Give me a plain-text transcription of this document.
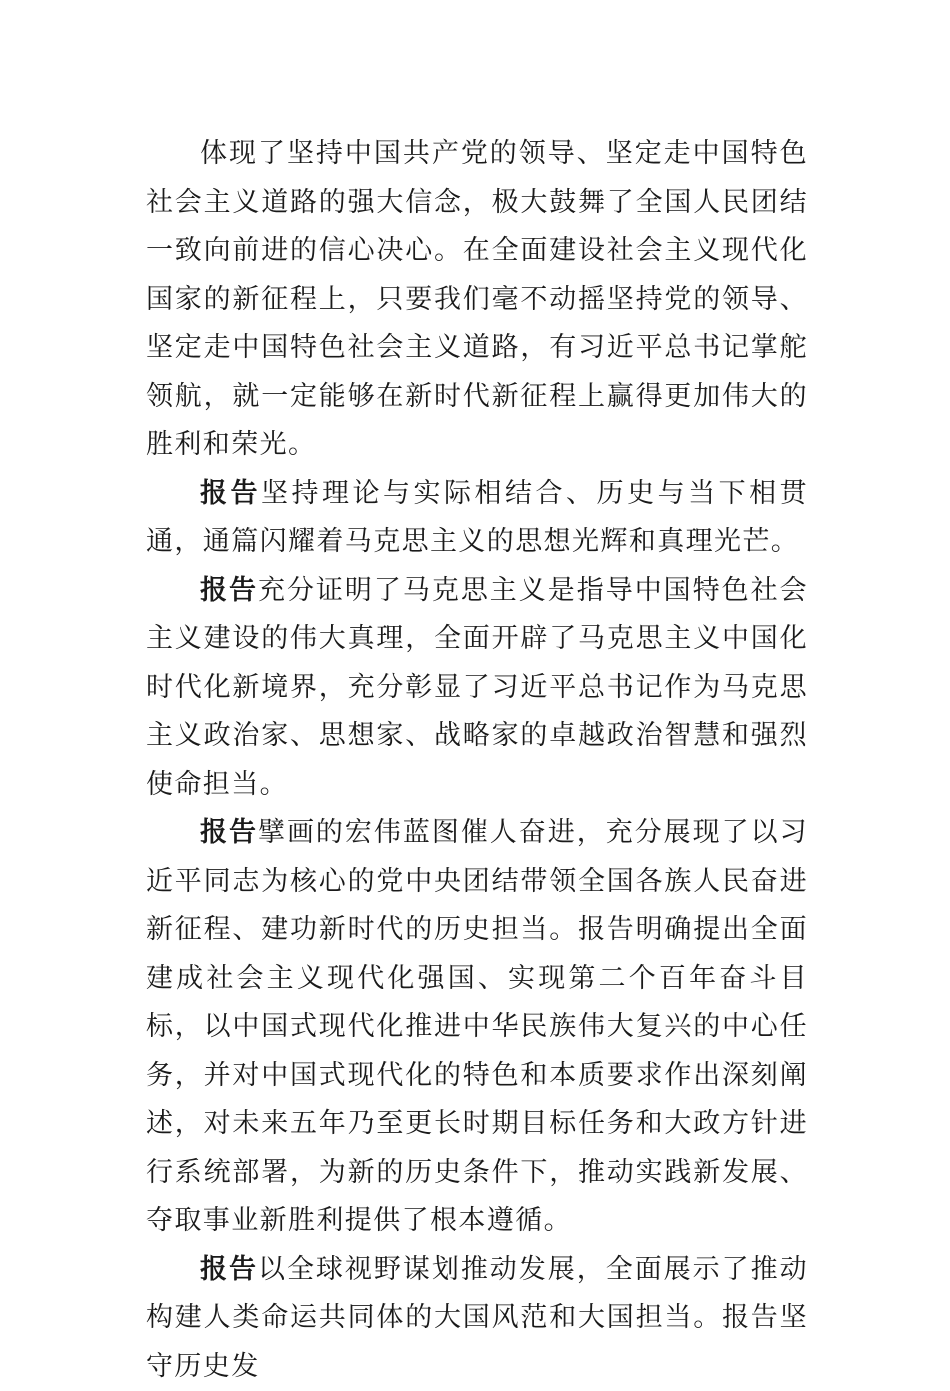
体现了坚持中国共产党的领导、坚定走中国特色社会主义道路的强大信念，极大鼓舞了全国人民团结一致向前进的信心决心。在全面建设社会主义现代化国家的新征程上，只要我们毫不动摇坚持党的领导、坚定走中国特色社会主义道路，有习近平总书记掌舵领航，就一定能够在新时代新征程上赢得更加伟大的胜利和荣光。

报告坚持理论与实际相结合、历史与当下相贯通，通篇闪耀着马克思主义的思想光辉和真理光芒。

报告充分证明了马克思主义是指导中国特色社会主义建设的伟大真理，全面开辟了马克思主义中国化时代化新境界，充分彰显了习近平总书记作为马克思主义政治家、思想家、战略家的卓越政治智慧和强烈使命担当。

报告擘画的宏伟蓝图催人奋进，充分展现了以习近平同志为核心的党中央团结带领全国各族人民奋进新征程、建功新时代的历史担当。报告明确提出全面建成社会主义现代化强国、实现第二个百年奋斗目标，以中国式现代化推进中华民族伟大复兴的中心任务，并对中国式现代化的特色和本质要求作出深刻阐述，对未来五年乃至更长时期目标任务和大政方针进行系统部署，为新的历史条件下，推动实践新发展、夺取事业新胜利提供了根本遵循。

报告以全球视野谋划推动发展，全面展示了推动构建人类命运共同体的大国风范和大国担当。报告坚守历史发
